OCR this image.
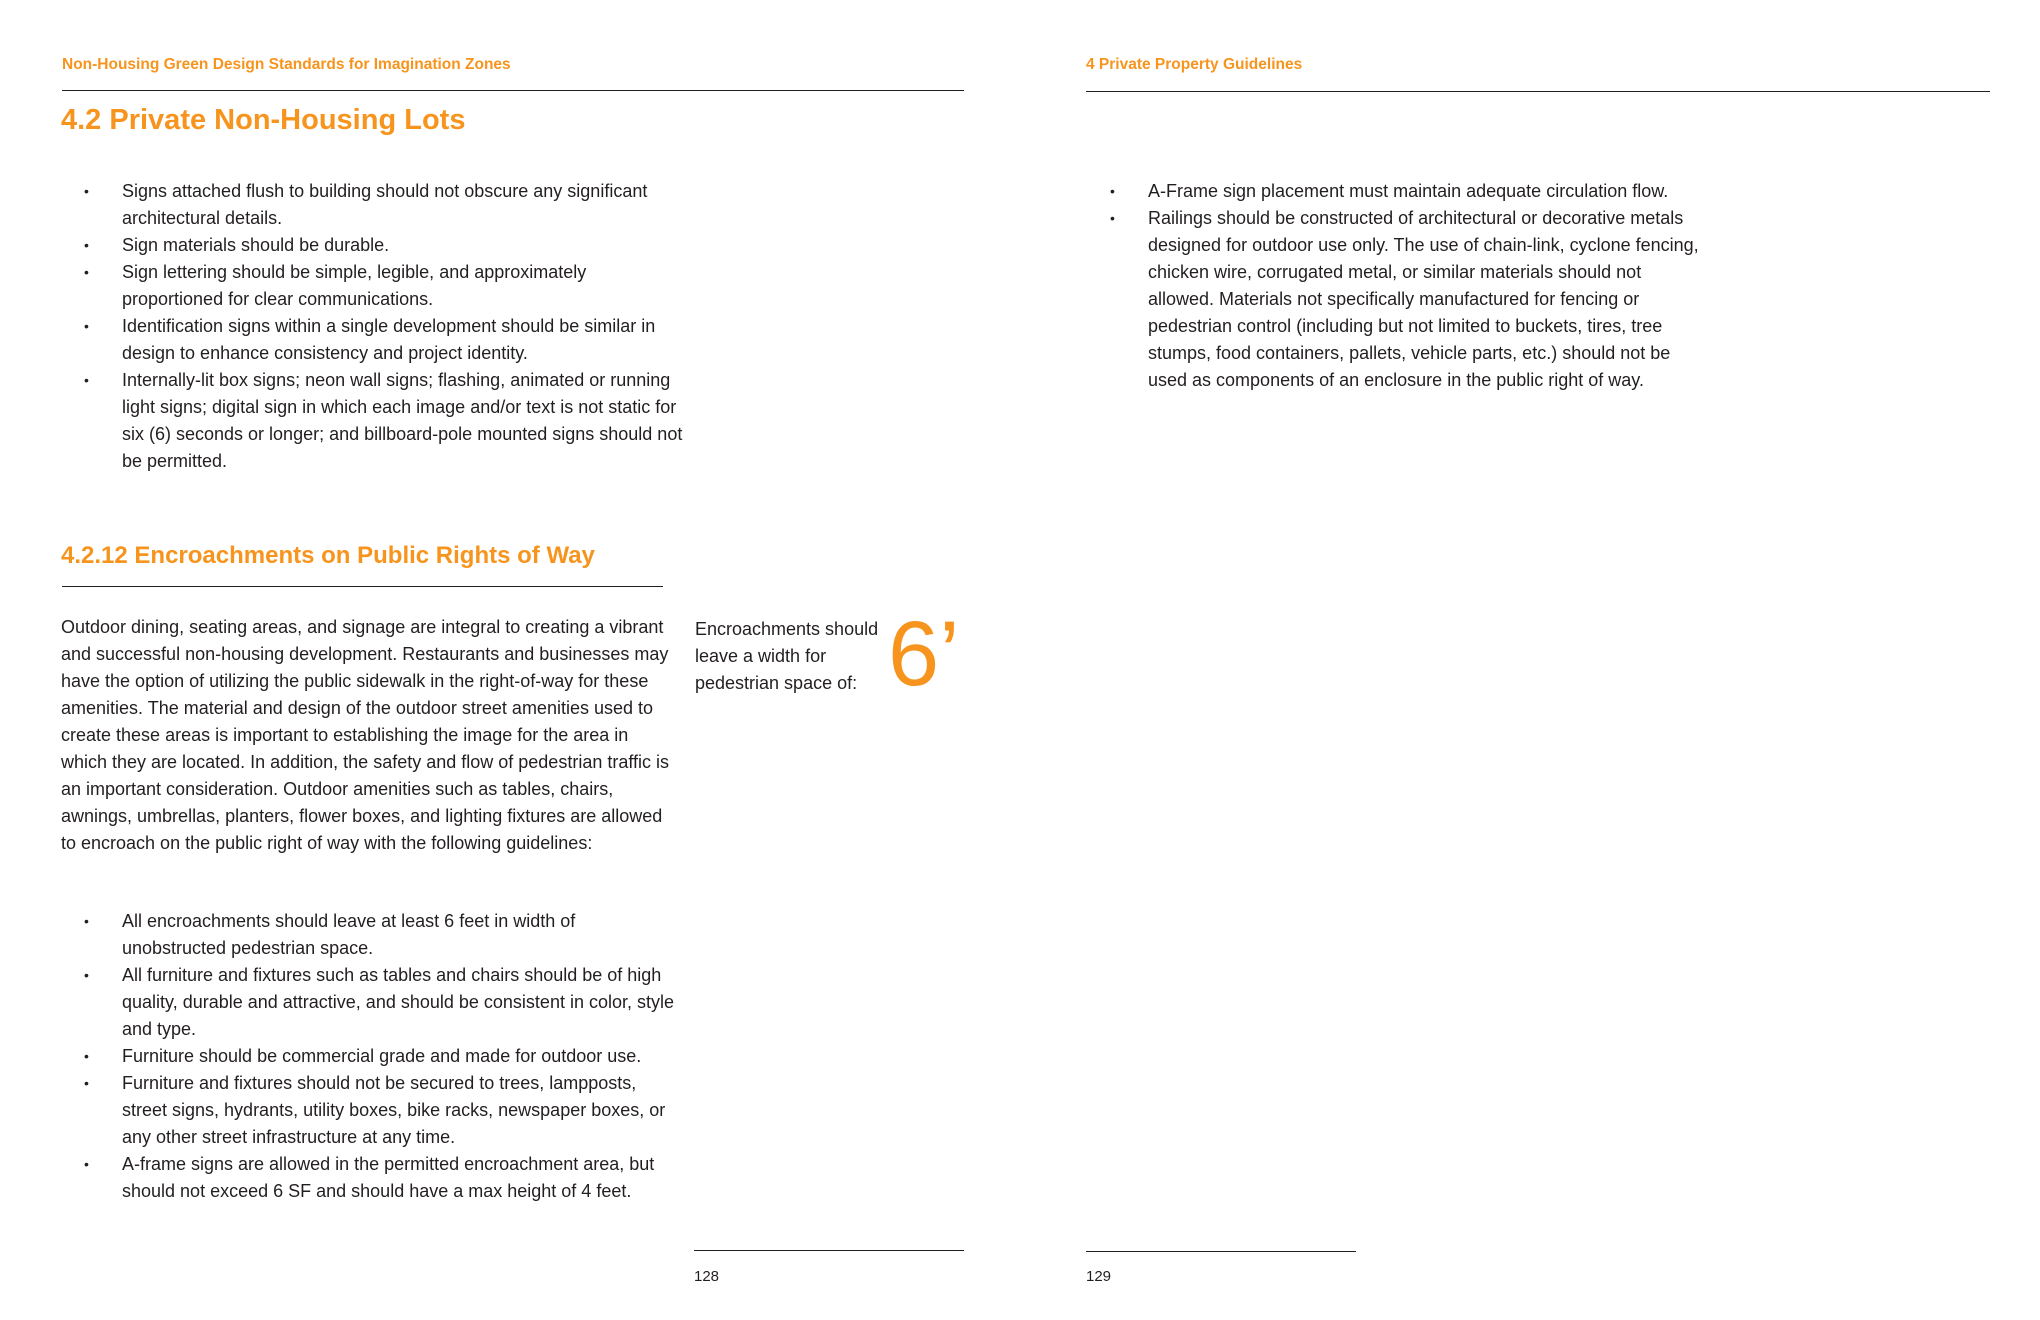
Non-Housing Green Design Standards for Imagination Zones
4.2 Private Non-Housing Lots
• Signs attached flush to building should not obscure any significant architectural details.
• Sign materials should be durable.
• Sign lettering should be simple, legible, and approximately proportioned for clear communications.
• Identification signs within a single development should be similar in design to enhance consistency and project identity.
• Internally-lit box signs; neon wall signs; flashing, animated or running light signs; digital sign in which each image and/or text is not static for six (6) seconds or longer; and billboard-pole mounted signs should not be permitted.
4.2.12 Encroachments on Public Rights of Way

Outdoor dining, seating areas, and signage are integral to creating a vibrant and successful non-housing development. Restaurants and businesses may have the option of utilizing the public sidewalk in the right-of-way for these amenities. The material and design of the outdoor street amenities used to create these areas is important to establishing the image for the area in which they are located. In addition, the safety and flow of pedestrian traffic is an important consideration. Outdoor amenities such as tables, chairs, awnings, umbrellas, planters, flower boxes, and lighting fixtures are allowed to encroach on the public right of way with the following guidelines:

• All encroachments should leave at least 6 feet in width of unobstructed pedestrian space.
• All furniture and fixtures such as tables and chairs should be of high quality, durable and attractive, and should be consistent in color, style and type.
• Furniture should be commercial grade and made for outdoor use.
• Furniture and fixtures should not be secured to trees, lampposts, street signs, hydrants, utility boxes, bike racks, newspaper boxes, or any other street infrastructure at any time.
• A-frame signs are allowed in the permitted encroachment area, but should not exceed 6 SF and should have a max height of 4 feet.

Encroachments should leave a width for pedestrian space of: 6’
128
4 Private Property Guidelines
• A-Frame sign placement must maintain adequate circulation flow.
• Railings should be constructed of architectural or decorative metals designed for outdoor use only. The use of chain-link, cyclone fencing, chicken wire, corrugated metal, or similar materials should not allowed. Materials not specifically manufactured for fencing or pedestrian control (including but not limited to buckets, tires, tree stumps, food containers, pallets, vehicle parts, etc.) should not be used as components of an enclosure in the public right of way.
129
